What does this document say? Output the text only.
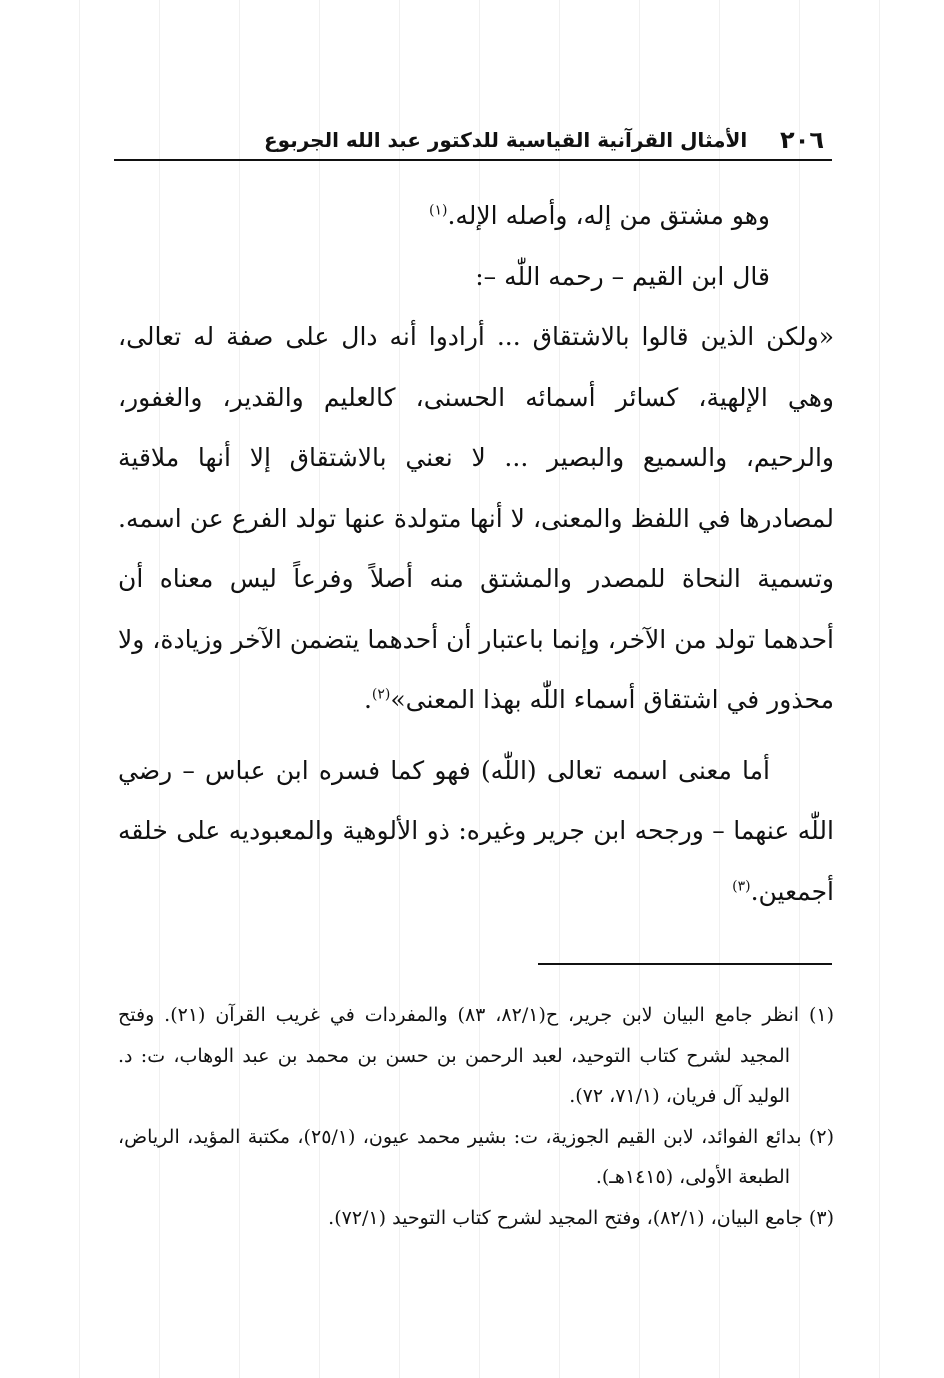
٢٠٦
الأمثال القرآنية القياسية للدكتور عبد الله الجربوع

وهو مشتق من إله، وأصله الإله.$^{(١)}$

قال ابن القيم – رحمه اللّٰه –:

«ولكن الذين قالوا بالاشتقاق ... أرادوا أنه دال على صفة له تعالى، وهي الإلهية، كسائر أسمائه الحسنى، كالعليم والقدير، والغفور، والرحيم، والسميع والبصير ... لا نعني بالاشتقاق إلا أنها ملاقية لمصادرها في اللفظ والمعنى، لا أنها متولدة عنها تولد الفرع عن اسمه. وتسمية النحاة للمصدر والمشتق منه أصلاً وفرعاً ليس معناه أن أحدهما تولد من الآخر، وإنما باعتبار أن أحدهما يتضمن الآخر وزيادة، ولا محذور في اشتقاق أسماء اللّٰه بهذا المعنى»$^{(٢)}$.

أما معنى اسمه تعالى (اللّٰه) فهو كما فسره ابن عباس – رضي اللّٰه عنهما – ورجحه ابن جرير وغيره: ذو الألوهية والمعبوديه على خلقه أجمعين.$^{(٣)}$

(١) انظر جامع البيان لابن جرير، ح(٨٢/١، ٨٣) والمفردات في غريب القرآن (٢١). وفتح المجيد لشرح كتاب التوحيد، لعبد الرحمن بن حسن بن محمد بن عبد الوهاب، ت: د. الوليد آل فريان، (٧١/١، ٧٢).

(٢) بدائع الفوائد، لابن القيم الجوزية، ت: بشير محمد عيون، (٢٥/١)، مكتبة المؤيد، الرياض، الطبعة الأولى، (١٤١٥هـ).

(٣) جامع البيان، (٨٢/١)، وفتح المجيد لشرح كتاب التوحيد (٧٢/١).
